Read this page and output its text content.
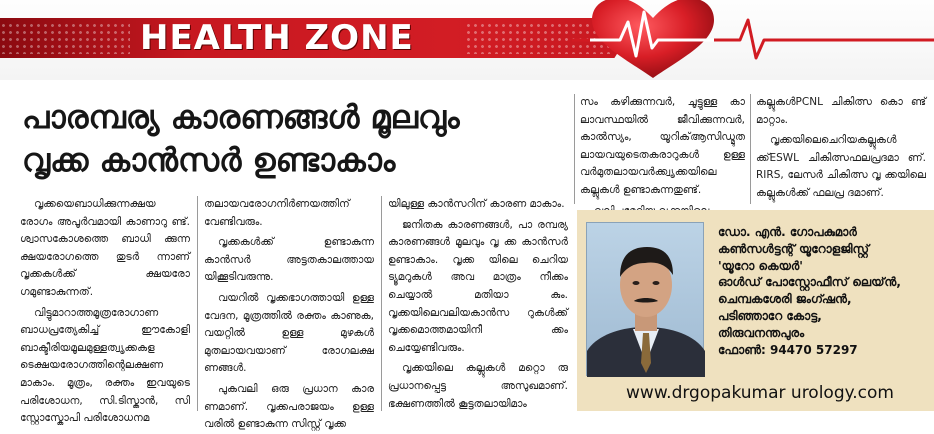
HEALTH ZONE
പാരമ്പര്യ കാരണങ്ങൾ മൂലവും
വൃക്ക കാൻസർ ഉണ്ടാകാം

വൃക്കയെബാധിക്കുന്നക്ഷയ രോഗം അപൂർവമായി കാണാറു ണ്ട്. ശ്വാസകോശത്തെ ബാധി ക്കുന്ന ക്ഷയരോഗത്തെ തുടർ ന്നാണ് വൃക്കകൾക്ക് ക്ഷയരോ ഗമുണ്ടാകുന്നത്.

വിട്ടുമാറാത്തമൂത്രരോഗാണ ബാധപ്രത്യേകിച്ച് ഈകോളി ബാക്ടീരിയമൂലമുള്ളത്വൃക്കകള ടെക്ഷയരോഗത്തിന്റെലക്ഷണ മാകാം. മൂത്രം, രക്തം ഇവയുടെ പരിശോധന, സി.ടിസ്കാൻ, സി സ്റ്റോസ്കോപി പരിശോധനമ

തലായവരോഗനിർണയത്തിന് വേണ്ടിവരും.

വൃക്കകൾക്ക് ഉണ്ടാകുന്ന കാൻസർ അട്ടതകാലത്തായ യിക്കൂടിവരുന്നു.

വയറിൽ വൃക്കഭാഗത്തായി ഉള്ള വേദന, മൂത്രത്തിൽ രക്തം കാണുക, വയറ്റിൽ ഉള്ള മുഴകൾ മുതലായവയാണ് രോഗലക്ഷ ണങ്ങൾ.

പുകവലി ഒരു പ്രധാന കാര ണമാണ്. വൃക്കപരാജയം ഉള്ള വരിൽ ഉണ്ടാകുന്ന സിസ്റ്റ് വൃക്ക

യിലുള്ള കാൻസറിന് കാരണ മാകാം.

ജനിതക കാരണങ്ങൾ, പാ രമ്പര്യ കാരണങ്ങൾ മൂലവും വൃ ക്ക കാൻസർ ഉണ്ടാകാം. വൃക്ക യിലെ ചെറിയ ട്യൂമറുകൾ അവ മാത്രം നീക്കം ചെയ്യാൽ മതിയാ കും. വൃക്കയിലെവലിയകാൻസ റുകൾക്ക് വൃക്കമൊത്തമായിനീ ക്കം ചെയ്യേണ്ടിവരും.

വൃക്കയിലെ കല്ലുകൾ മറ്റൊ രു പ്രധാനപ്പെട്ട അസുഖമാണ്. ഭക്ഷണത്തിൽ കൂട്ടതലായിമാം

സം കഴിക്കുന്നവർ, ചൂട്ടുള്ള കാ ലാവസ്ഥയിൽ ജീവിക്കുന്നവർ, കാൽസ്യം, യൂറിക്ആസിഡ്മുത ലായവയുടെതകരാറുകൾ ഉള്ള വർമുതലായവർക്ക്വൃക്കയിലെ കല്ലുകൾ ഉണ്ടാകുന്നതുണ്ട്.

കല്ലുകൾPCNL ചികിത്സ കൊ ണ്ട് മാറ്റാം.

വൃക്കയിലെചെറിയകല്ലുകൾ ക്ക്ESWL ചികിത്സഫലപ്രദമാ ണ്. RIRS, ലേസർ ചികിത്സ വൃ ക്കയിലെ കല്ലുകൾക്ക് ഫലപ്ര ദമാണ്.

ഡോ. എൻ. ഗോപകുമാർ
കൺസൾട്ടന്റ് യൂറോളജിസ്റ്റ്
'യൂറോ കെയർ'
ഓൾഡ് പോസ്റ്റോഫീസ് ലെയ്ൻ,
ചെമ്പകശേരി ജംഗ്ഷൻ,
പടിഞ്ഞാറേ കോട്ട,
തിരുവനന്തപുരം
ഫോൺ: 94470 57297
www.drgopakumar urology.com
